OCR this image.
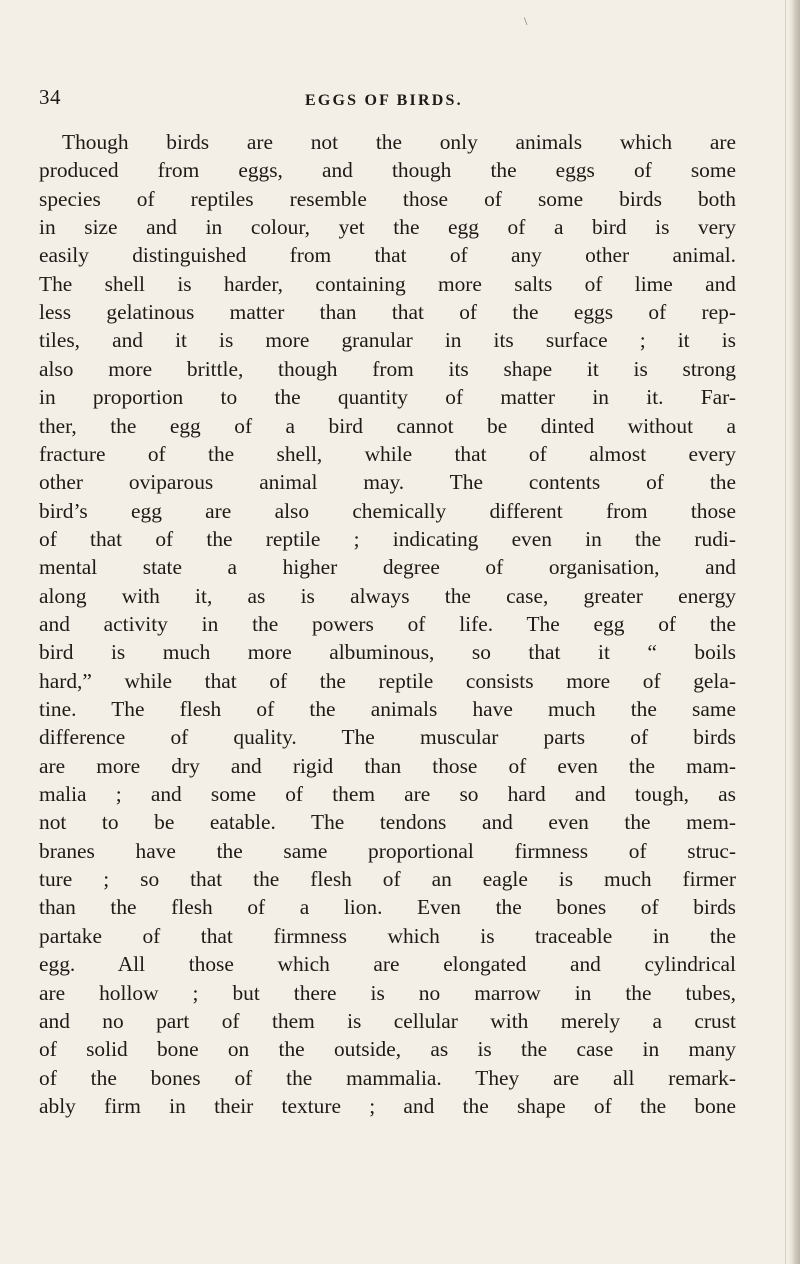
\
34	EGGS OF BIRDS.
Though birds are not the only animals which are
produced from eggs, and though the eggs of some
species of reptiles resemble those of some birds both
in size and in colour, yet the egg of a bird is very
easily distinguished from that of any other animal.
The shell is harder, containing more salts of lime and
less gelatinous matter than that of the eggs of rep-
tiles, and it is more granular in its surface ; it is
also more brittle, though from its shape it is strong
in proportion to the quantity of matter in it. Far-
ther, the egg of a bird cannot be dinted without a
fracture of the shell, while that of almost every
other oviparous animal may. The contents of the
bird’s egg are also chemically different from those
of that of the reptile ; indicating even in the rudi-
mental state a higher degree of organisation, and
along with it, as is always the case, greater energy
and activity in the powers of life. The egg of the
bird is much more albuminous, so that it “ boils
hard,” while that of the reptile consists more of gela-
tine. The flesh of the animals have much the same
difference of quality. The muscular parts of birds
are more dry and rigid than those of even the mam-
malia ; and some of them are so hard and tough, as
not to be eatable. The tendons and even the mem-
branes have the same proportional firmness of struc-
ture ; so that the flesh of an eagle is much firmer
than the flesh of a lion. Even the bones of birds
partake of that firmness which is traceable in the
egg. All those which are elongated and cylindrical
are hollow ; but there is no marrow in the tubes,
and no part of them is cellular with merely a crust
of solid bone on the outside, as is the case in many
of the bones of the mammalia. They are all remark-
ably firm in their texture ; and the shape of the bone
